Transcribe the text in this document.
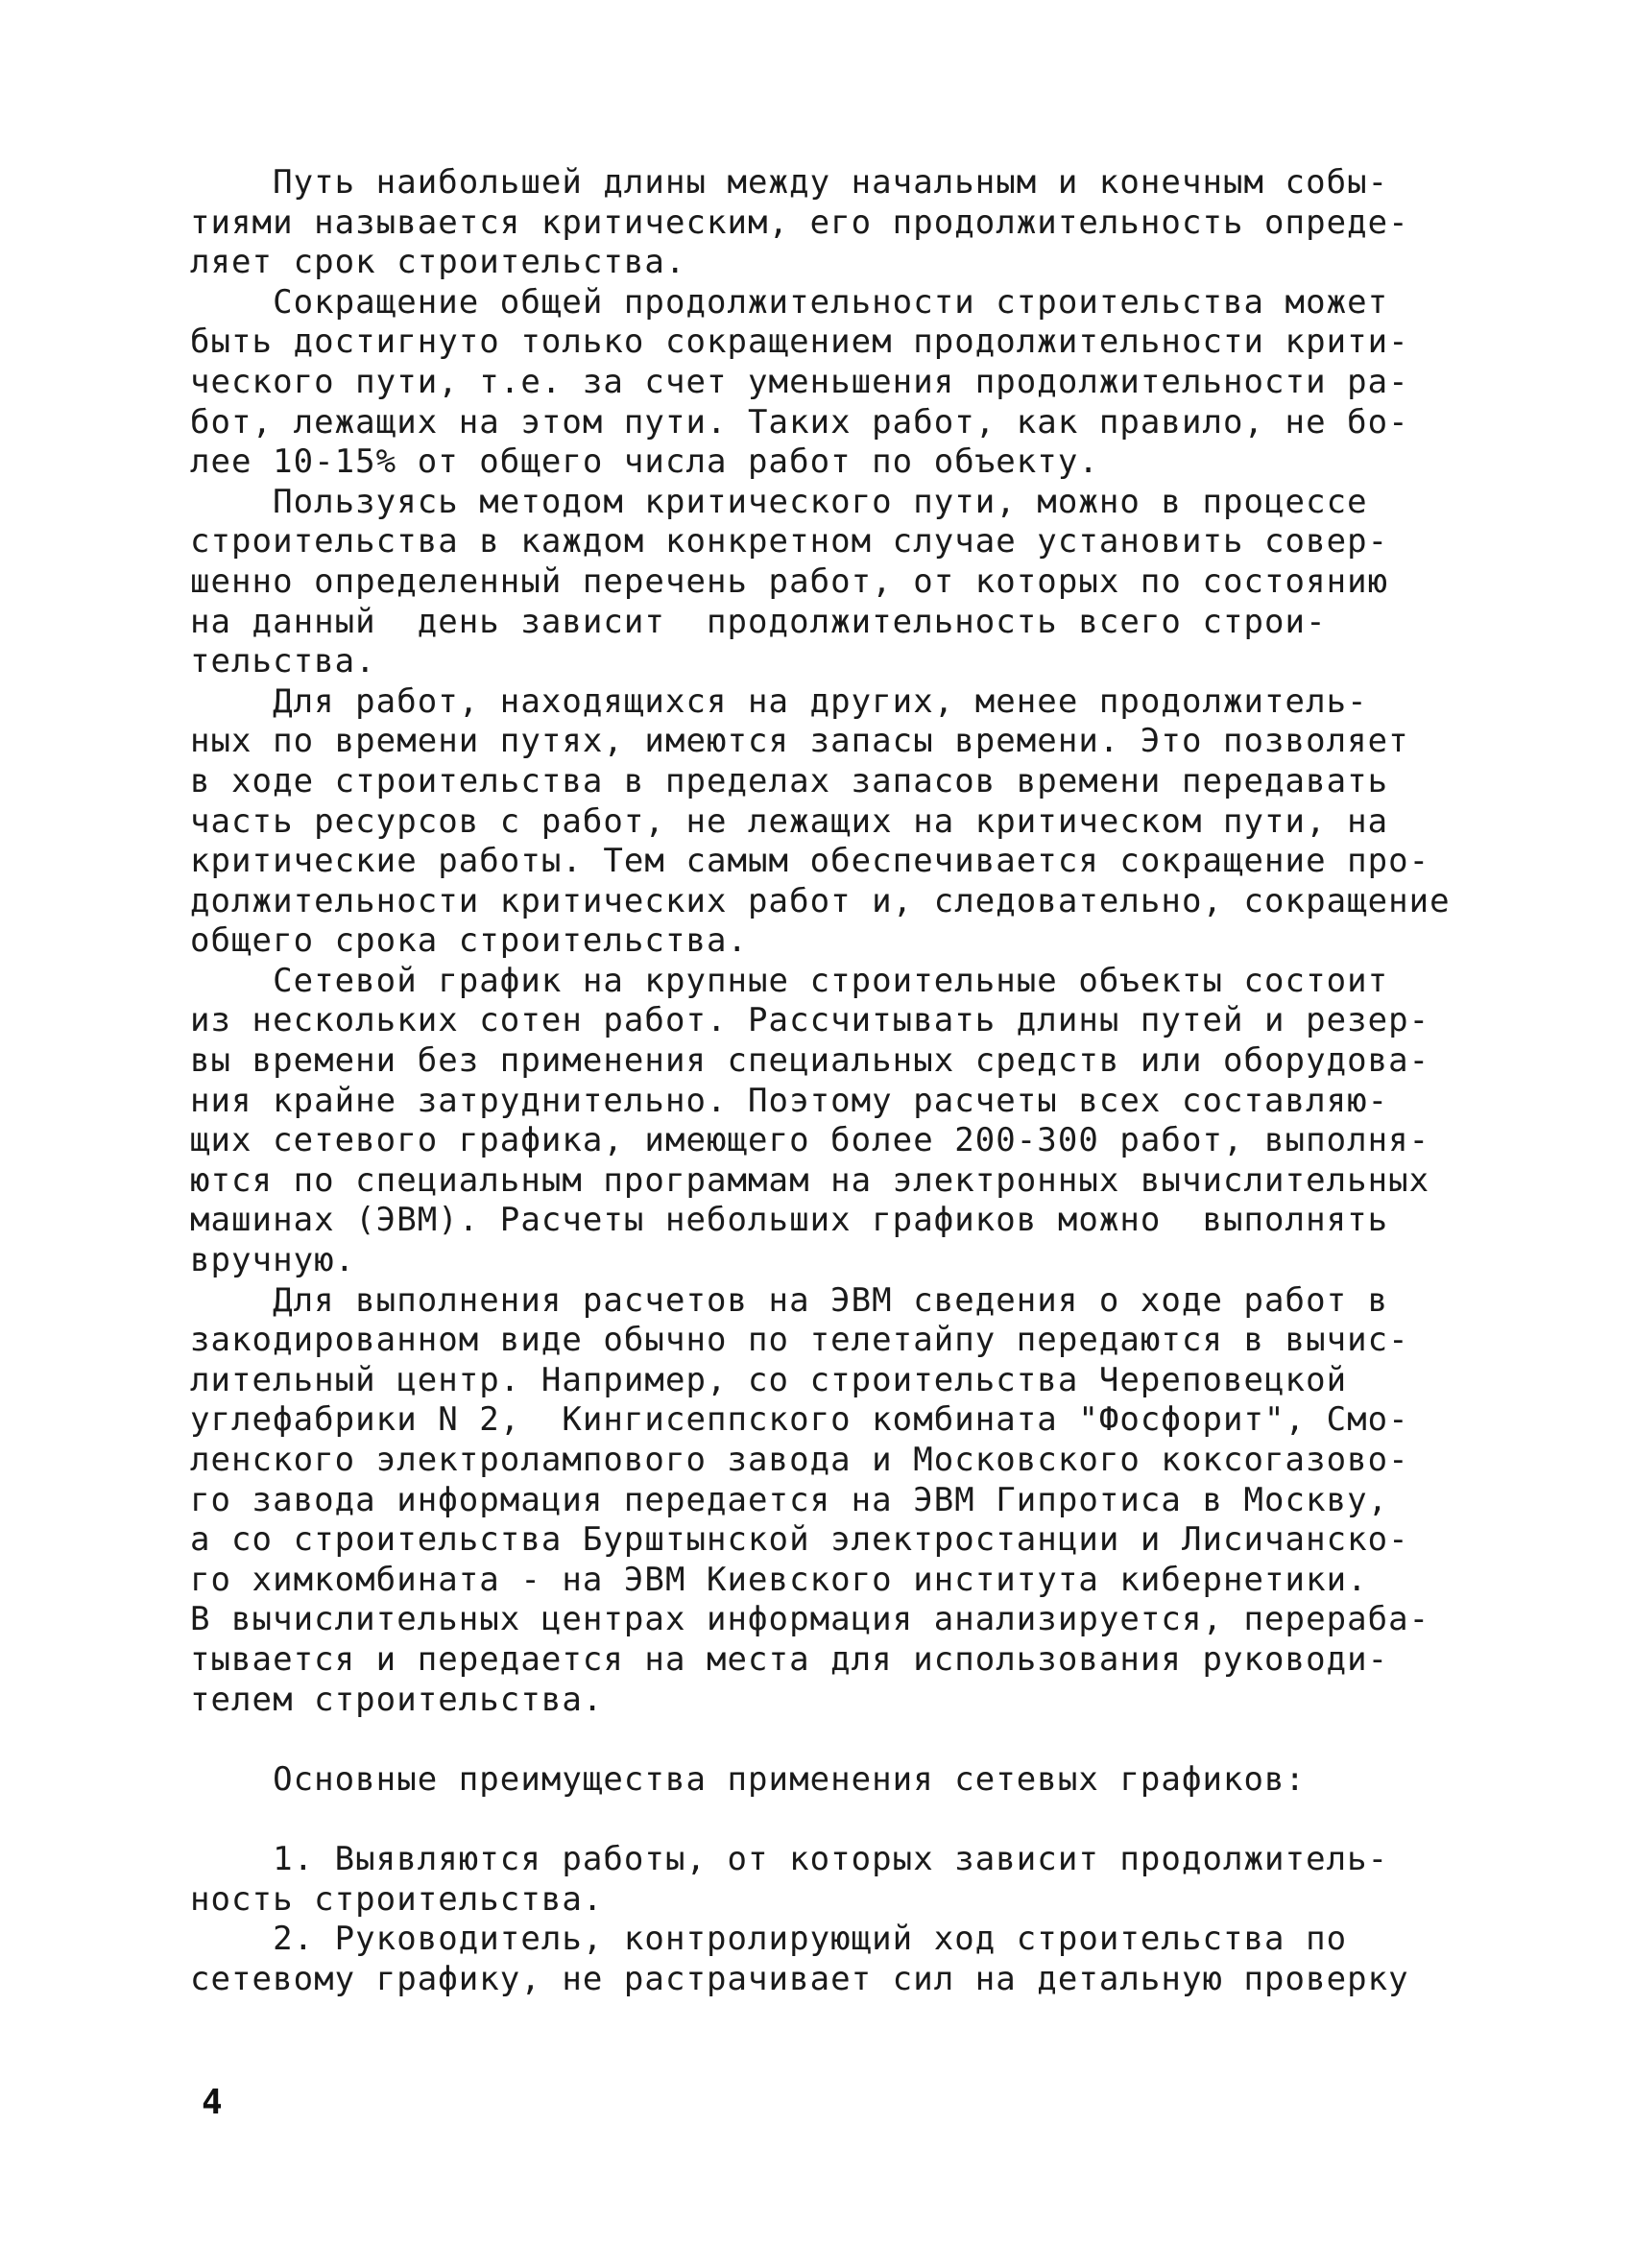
Путь наибольшей длины между начальным и конечным собы-
тиями называется критическим, его продолжительность опреде-
ляет срок строительства.
Сокращение общей продолжительности строительства может
быть достигнуто только сокращением продолжительности крити-
ческого пути, т.е. за счет уменьшения продолжительности ра-
бот, лежащих на этом пути. Таких работ, как правило, не бо-
лее 10-15% от общего числа работ по объекту.
Пользуясь методом критического пути, можно в процессе
строительства в каждом конкретном случае установить совер-
шенно определенный перечень работ, от которых по состоянию
на данный  день зависит  продолжительность всего строи-
тельства.
Для работ, находящихся на других, менее продолжитель-
ных по времени путях, имеются запасы времени. Это позволяет
в ходе строительства в пределах запасов времени передавать
часть ресурсов с работ, не лежащих на критическом пути, на
критические работы. Тем самым обеспечивается сокращение про-
должительности критических работ и, следовательно, сокращение
общего срока строительства.
Сетевой график на крупные строительные объекты состоит
из нескольких сотен работ. Рассчитывать длины путей и резер-
вы времени без применения специальных средств или оборудова-
ния крайне затруднительно. Поэтому расчеты всех составляю-
щих сетевого графика, имеющего более 200-300 работ, выполня-
ются по специальным программам на электронных вычислительных
машинах (ЭВМ). Расчеты небольших графиков можно  выполнять
вручную.
Для выполнения расчетов на ЭВМ сведения о ходе работ в
закодированном виде обычно по телетайпу передаются в вычис-
лительный центр. Например, со строительства Череповецкой
углефабрики N 2,  Кингисеппского комбината "Фосфорит", Смо-
ленского электролампового завода и Московского коксогазово-
го завода информация передается на ЭВМ Гипротиса в Москву,
а со строительства Бурштынской электростанции и Лисичанско-
го химкомбината - на ЭВМ Киевского института кибернетики.
В вычислительных центрах информация анализируется, перераба-
тывается и передается на места для использования руководи-
телем строительства.
Основные преимущества применения сетевых графиков:
1. Выявляются работы, от которых зависит продолжитель-
ность строительства.
2. Руководитель, контролирующий ход строительства по
сетевому графику, не растрачивает сил на детальную проверку
4
